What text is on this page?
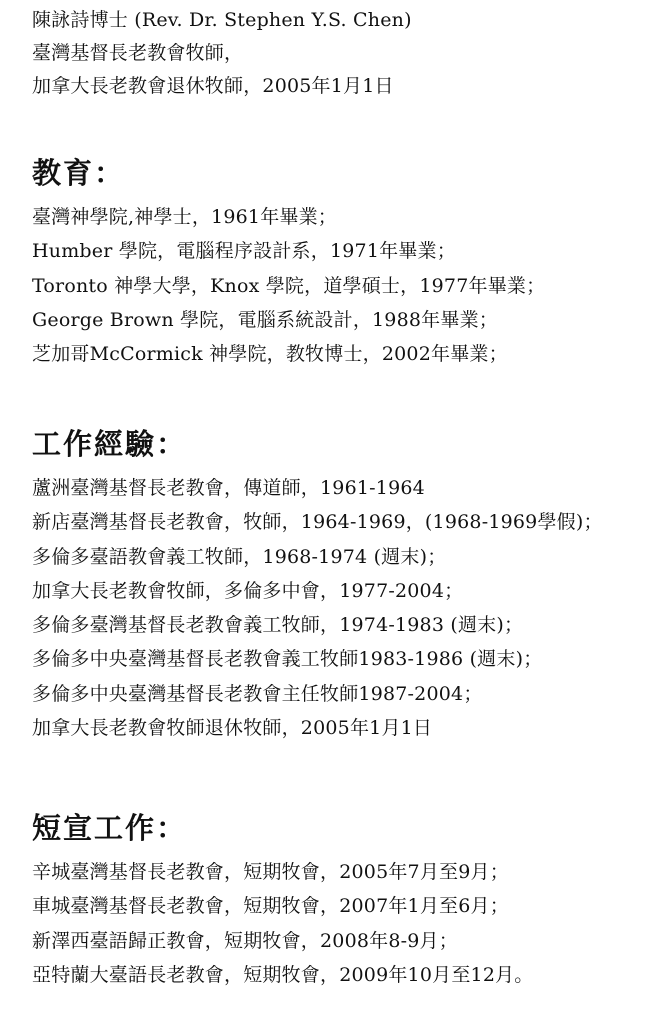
陳詠詩博士 (Rev. Dr. Stephen Y.S. Chen)
臺灣基督長老教會牧師，
加拿大長老教會退休牧師，2005年1月1日
教育：
臺灣神學院,神學士，1961年畢業；
Humber 學院，電腦程序設計系，1971年畢業；
Toronto 神學大學，Knox 學院，道學碩士，1977年畢業；
George Brown 學院，電腦系統設計，1988年畢業；
芝加哥McCormick 神學院，教牧博士，2002年畢業；
工作經驗：
蘆洲臺灣基督長老教會，傳道師，1961-1964
新店臺灣基督長老教會，牧師，1964-1969，(1968-1969學假)；
多倫多臺語教會義工牧師，1968-1974 (週末)；
加拿大長老教會牧師，多倫多中會，1977-2004；
多倫多臺灣基督長老教會義工牧師，1974-1983 (週末)；
多倫多中央臺灣基督長老教會義工牧師1983-1986 (週末)；
多倫多中央臺灣基督長老教會主任牧師1987-2004；
加拿大長老教會牧師退休牧師，2005年1月1日
短宣工作：
辛城臺灣基督長老教會，短期牧會，2005年7月至9月；
車城臺灣基督長老教會，短期牧會，2007年1月至6月；
新澤西臺語歸正教會，短期牧會，2008年8-9月；
亞特蘭大臺語長老教會，短期牧會，2009年10月至12月。
